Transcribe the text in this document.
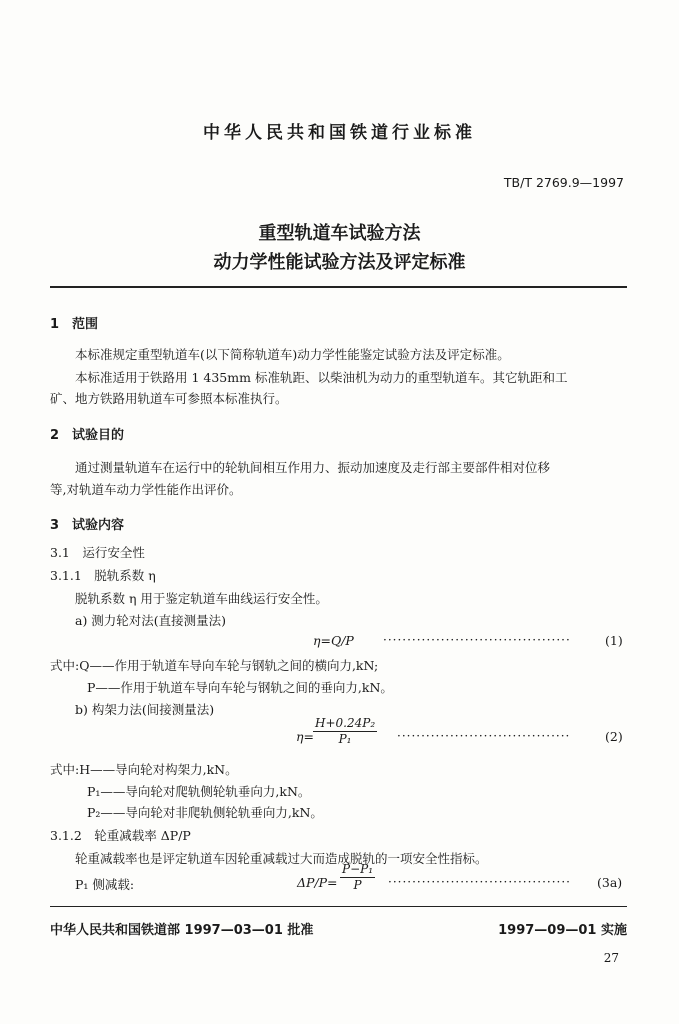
中华人民共和国铁道行业标准
TB/T 2769.9—1997
重型轨道车试验方法
动力学性能试验方法及评定标准
1　范围
本标准规定重型轨道车(以下简称轨道车)动力学性能鉴定试验方法及评定标准。
本标准适用于铁路用 1 435mm 标准轨距、以柴油机为动力的重型轨道车。其它轨距和工
矿、地方铁路用轨道车可参照本标准执行。
2　试验目的
通过测量轨道车在运行中的轮轨间相互作用力、振动加速度及走行部主要部件相对位移
等,对轨道车动力学性能作出评价。
3　试验内容
3.1　运行安全性
3.1.1　脱轨系数 η
脱轨系数 η 用于鉴定轨道车曲线运行安全性。
a) 测力轮对法(直接测量法)
η=Q/P ·······································	(1)
式中:Q——作用于轨道车导向车轮与钢轨之间的横向力,kN;
P——作用于轨道车导向车轮与钢轨之间的垂向力,kN。
b) 构架力法(间接测量法)
$\eta= \frac{\text{H+0.24P₂}}{\text{P₁}}$ ····································	(2)
式中:H——导向轮对构架力,kN。
P₁——导向轮对爬轨侧轮轨垂向力,kN。
P₂——导向轮对非爬轨侧轮轨垂向力,kN。
3.1.2　轮重减载率 ΔP/P
轮重减载率也是评定轨道车因轮重减载过大而造成脱轨的一项安全性指标。
P₁ 侧减载:	$\Delta P/P= \frac{\text{P−P₁}}{P}$ ······································ (3a)
中华人民共和国铁道部 1997—03—01 批准	1997—09—01 实施
27
